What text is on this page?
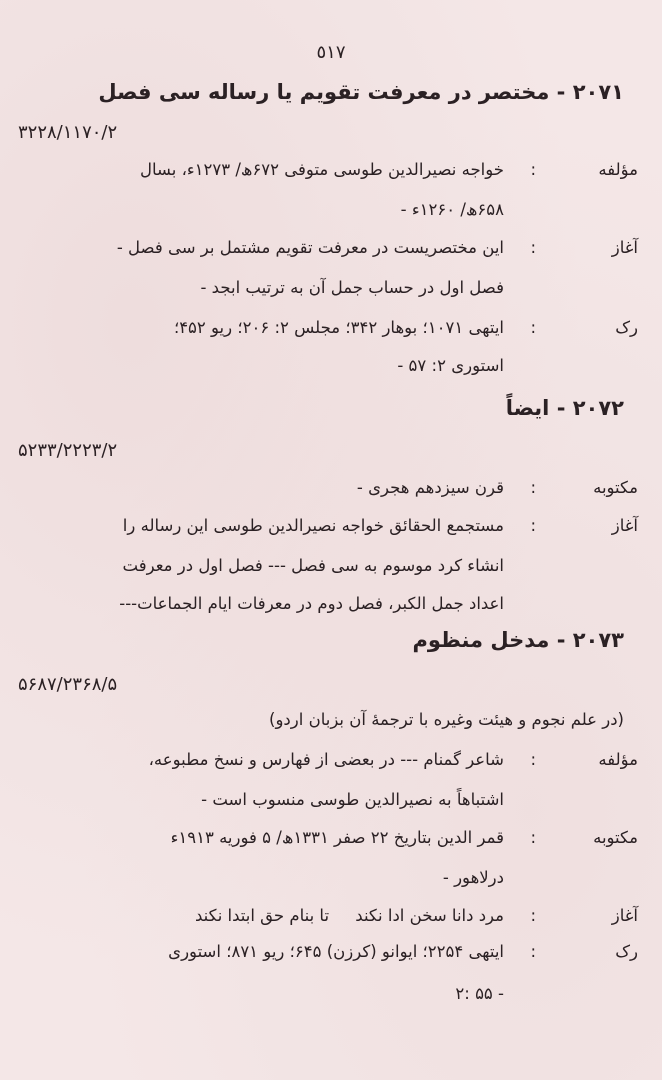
٥١٧
۲۰۷۱ - مختصر در معرفت تقویم یا رساله سی فصل
۳۲۲۸/۱۱۷۰/۲
مؤلفه
:
خواجه نصیرالدین طوسی متوفی ۶۷۲ھ/ ۱۲۷۳ء، بسال
۶۵۸ھ/ ۱۲۶۰ء -
آغاز
:
این مختصریست در معرفت تقویم مشتمل بر سی فصل -
فصل اول در حساب جمل آن به ترتیب ابجد -
رک
:
ایتهی ۱۰۷۱؛ بوهار ۳۴۲؛ مجلس ۲: ۲۰۶؛ ریو ۴۵۲؛
استوری ۲: ۵۷ -
۲۰۷۲ - ایضاً
۵۲۳۳/۲۲۲۳/۲
مکتوبه
:
قرن سیزدهم هجری -
آغاز
:
مستجمع الحقائق خواجه نصیرالدین طوسی این رساله را
انشاء کرد موسوم به سی فصل --- فصل اول در معرفت
اعداد جمل الکبر، فصل دوم در معرفات ایام الجماعات---
۲۰۷۳ - مدخل منظوم
۵۶۸۷/۲۳۶۸/۵
(در علم نجوم و هیئت وغیره با ترجمهٔ آن بزبان اردو)
مؤلفه
:
شاعر گمنام --- در بعضی از فهارس و نسخ مطبوعه،
اشتباهاً به نصیرالدین طوسی منسوب است -
مکتوبه
:
قمر الدین بتاریخ ۲۲ صفر ۱۳۳۱ھ/ ۵ فوریه ۱۹۱۳ء
درلاهور -
آغاز
:
مرد دانا سخن ادا نکند     تا بنام حق ابتدا نکند
رک
:
ایتهی ۲۲۵۴؛ ایوانو (کرزن) ۶۴۵؛ ریو ۸۷۱؛ استوری
۲: ۵۵ -
